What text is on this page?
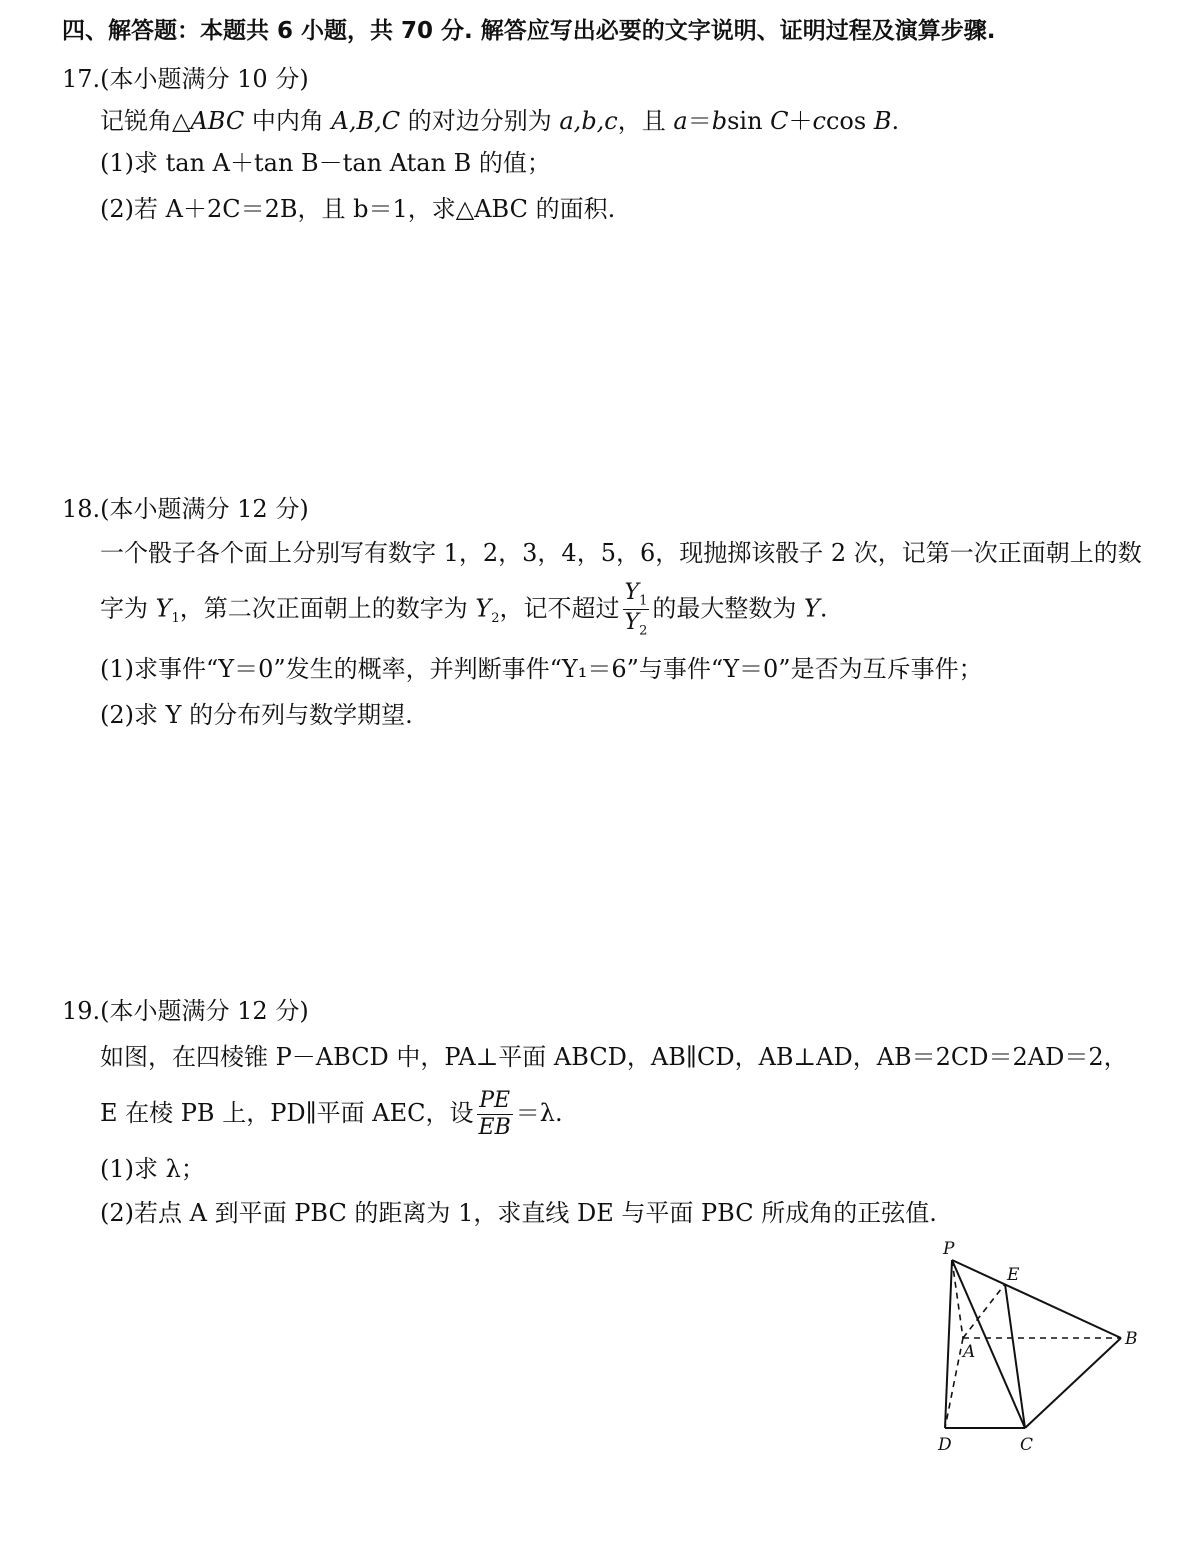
四、解答题：本题共 6 小题，共 70 分. 解答应写出必要的文字说明、证明过程及演算步骤.
17.(本小题满分 10 分)
记锐角△ABC 中内角 A,B,C 的对边分别为 a,b,c，且 a＝bsin C＋ccos B.
(1)求 tan A＋tan B－tan Atan B 的值；
(2)若 A＋2C＝2B，且 b＝1，求△ABC 的面积.
18.(本小题满分 12 分)
一个骰子各个面上分别写有数字 1，2，3，4，5，6，现抛掷该骰子 2 次，记第一次正面朝上的数
字为 $Y_1$，第二次正面朝上的数字为 $Y_2$，记不超过 $\frac{Y_1}{Y_2}$ 的最大整数为 Y.
(1)求事件“Y＝0”发生的概率，并判断事件“Y₁＝6”与事件“Y＝0”是否为互斥事件；
(2)求 Y 的分布列与数学期望.
19.(本小题满分 12 分)
如图，在四棱锥 P－ABCD 中，PA⊥平面 ABCD，AB∥CD，AB⊥AD，AB＝2CD＝2AD＝2，
E 在棱 PB 上，PD∥平面 AEC，设 $\frac{PE}{EB} =\lambda$.
(1)求 λ；
(2)若点 A 到平面 PBC 的距离为 1，求直线 DE 与平面 PBC 所成角的正弦值.
P
E
A
B
D	C
